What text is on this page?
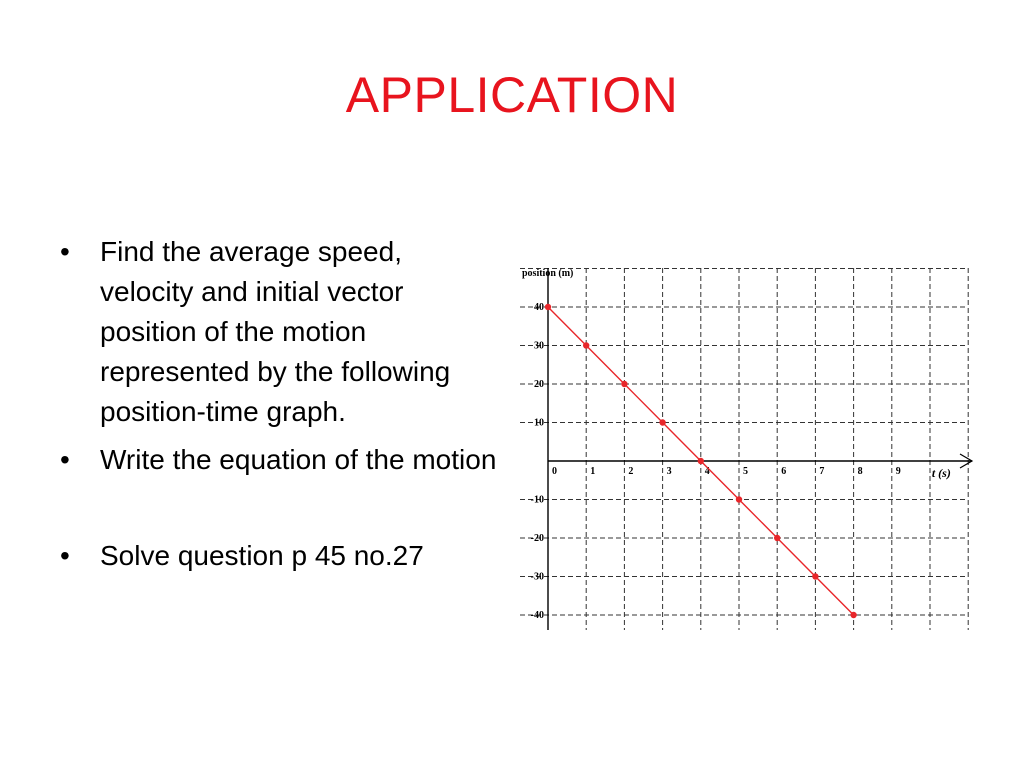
APPLICATION
• Find the average speed, velocity and initial vector position of the motion represented by the following position-time graph.
• Write the equation of the motion
• Solve question p 45 no.27
0	1	2	3	4	5	6	7	8	9
40
30
20
10
-10
-20
-30
-40
position (m)
t (s)
